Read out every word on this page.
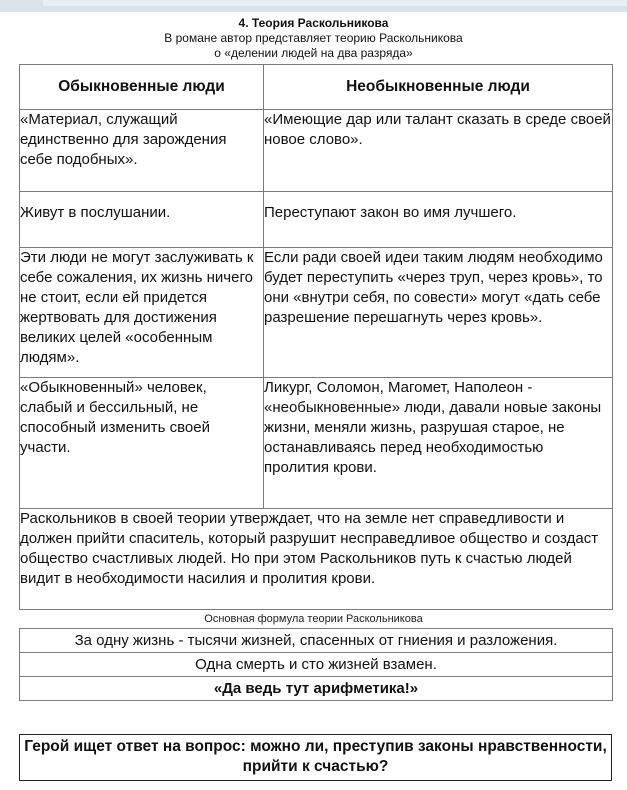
4. Теория Раскольникова
В романе автор представляет теорию Раскольникова
о «делении людей на два разряда»
Обыкновенные люди	Необыкновенные люди
«Материал, служащий единственно для зарождения себе подобных».	«Имеющие дар или талант сказать в среде своей новое слово».
Живут в послушании.	Переступают закон во имя лучшего.
Эти люди не могут заслуживать к себе сожаления, их жизнь ничего не стоит, если ей придется жертвовать для достижения великих целей «особенным людям».	Если ради своей идеи таким людям необходимо будет переступить «через труп, через кровь», то они «внутри себя, по совести» могут «дать себе разрешение перешагнуть через кровь».
«Обыкновенный» человек, слабый и бессильный, не способный изменить своей участи.	Ликург, Соломон, Магомет, Наполеон - «необыкновенные» люди, давали новые законы жизни, меняли жизнь, разрушая старое, не останавливаясь перед необходимостью пролития крови.
Раскольников в своей теории утверждает, что на земле нет справедливости и должен прийти спаситель, который разрушит несправедливое общество и создаст общество счастливых людей. Но при этом Раскольников путь к счастью людей видит в необходимости насилия и пролития крови.	
Основная формула теории Раскольникова
За одну жизнь - тысячи жизней, спасенных от гниения и разложения.
Одна смерть и сто жизней взамен.
«Да ведь тут арифметика!»
Герой ищет ответ на вопрос: можно ли, преступив законы нравственности, прийти к счастью?
